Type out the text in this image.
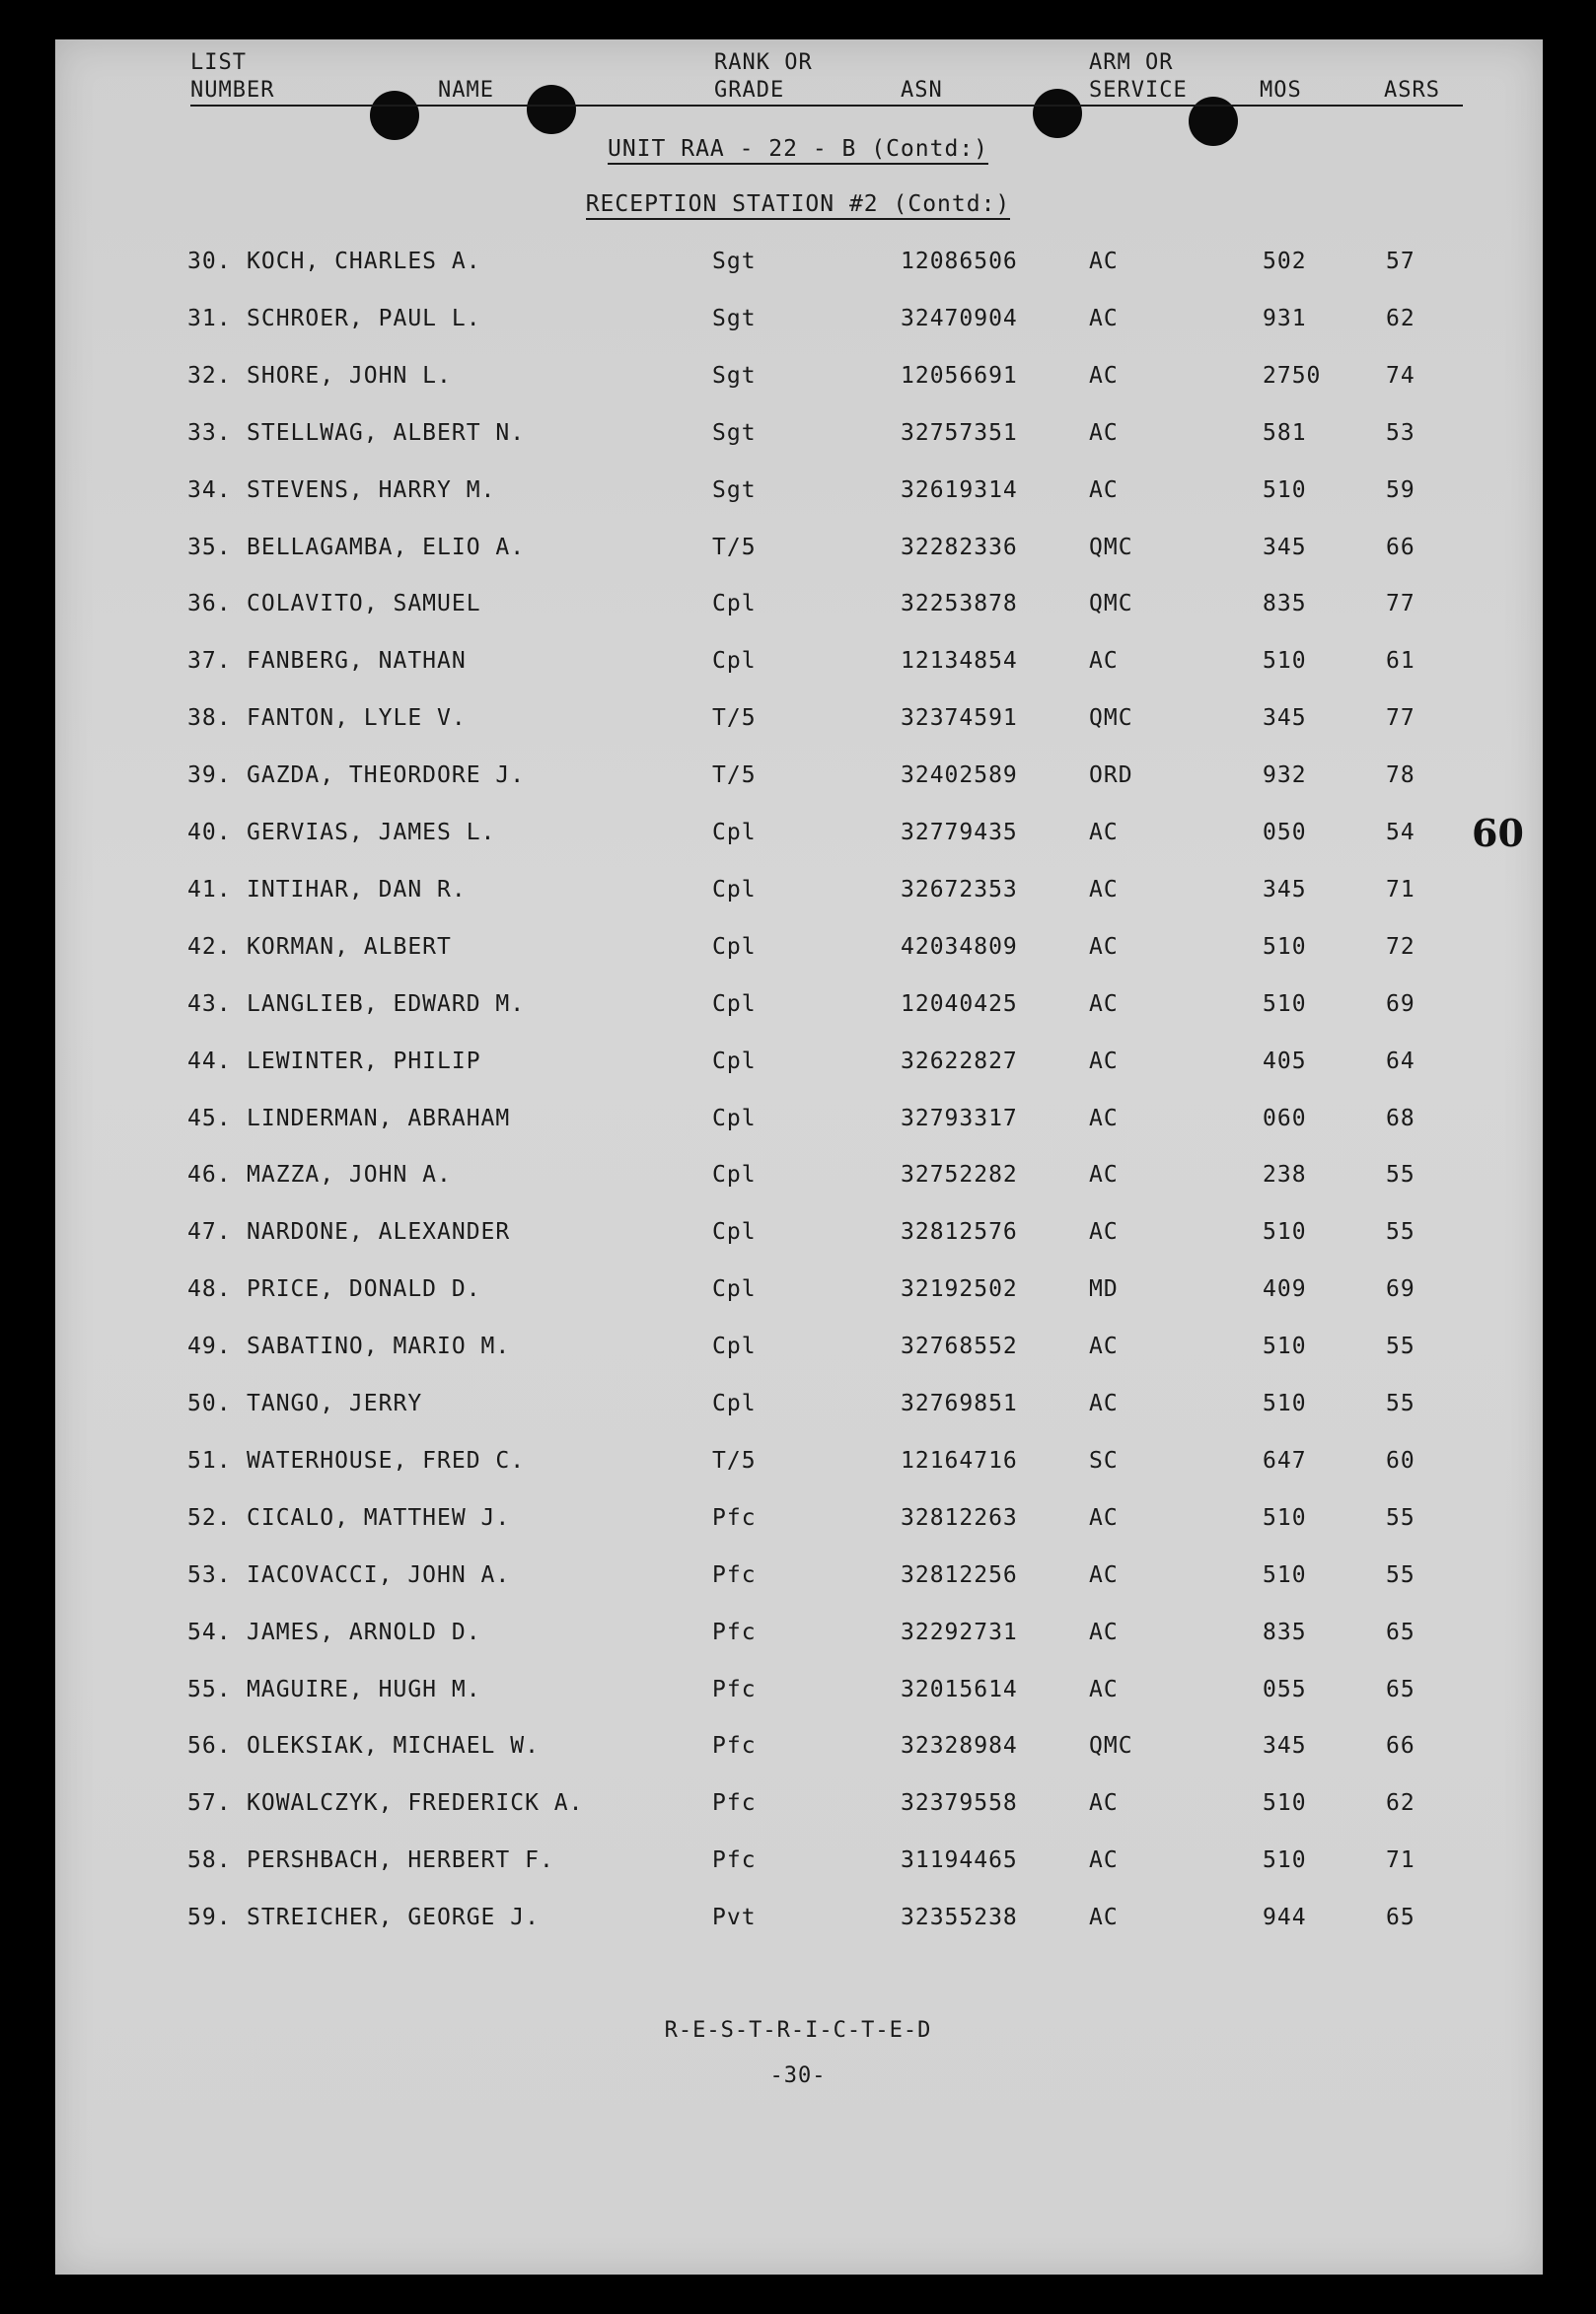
LIST
NUMBER	NAME
RANK OR
GRADE	ASN
ARM OR
SERVICE	MOS	ASRS
UNIT RAA - 22 - B (Contd:)
RECEPTION STATION #2 (Contd:)
30. KOCH, CHARLES A.	Sgt	12086506	AC	502	57
31. SCHROER, PAUL L.	Sgt	32470904	AC	931	62
32. SHORE, JOHN L.	Sgt	12056691	AC	2750	74
33. STELLWAG, ALBERT N.	Sgt	32757351	AC	581	53
34. STEVENS, HARRY M.	Sgt	32619314	AC	510	59
35. BELLAGAMBA, ELIO A.	T/5	32282336	QMC	345	66
36. COLAVITO, SAMUEL	Cpl	32253878	QMC	835	77
37. FANBERG, NATHAN	Cpl	12134854	AC	510	61
38. FANTON, LYLE V.	T/5	32374591	QMC	345	77
39. GAZDA, THEORDORE J.	T/5	32402589	ORD	932	78
40. GERVIAS, JAMES L.	Cpl	32779435	AC	050	54
41. INTIHAR, DAN R.	Cpl	32672353	AC	345	71
42. KORMAN, ALBERT	Cpl	42034809	AC	510	72
43. LANGLIEB, EDWARD M.	Cpl	12040425	AC	510	69
44. LEWINTER, PHILIP	Cpl	32622827	AC	405	64
45. LINDERMAN, ABRAHAM	Cpl	32793317	AC	060	68
46. MAZZA, JOHN A.	Cpl	32752282	AC	238	55
47. NARDONE, ALEXANDER	Cpl	32812576	AC	510	55
48. PRICE, DONALD D.	Cpl	32192502	MD	409	69
49. SABATINO, MARIO M.	Cpl	32768552	AC	510	55
50. TANGO, JERRY	Cpl	32769851	AC	510	55
51. WATERHOUSE, FRED C.	T/5	12164716	SC	647	60
52. CICALO, MATTHEW J.	Pfc	32812263	AC	510	55
53. IACOVACCI, JOHN A.	Pfc	32812256	AC	510	55
54. JAMES, ARNOLD D.	Pfc	32292731	AC	835	65
55. MAGUIRE, HUGH M.	Pfc	32015614	AC	055	65
56. OLEKSIAK, MICHAEL W.	Pfc	32328984	QMC	345	66
57. KOWALCZYK, FREDERICK A.	Pfc	32379558	AC	510	62
58. PERSHBACH, HERBERT F.	Pfc	31194465	AC	510	71
59. STREICHER, GEORGE J.	Pvt	32355238	AC	944	65
60
R-E-S-T-R-I-C-T-E-D
-30-
